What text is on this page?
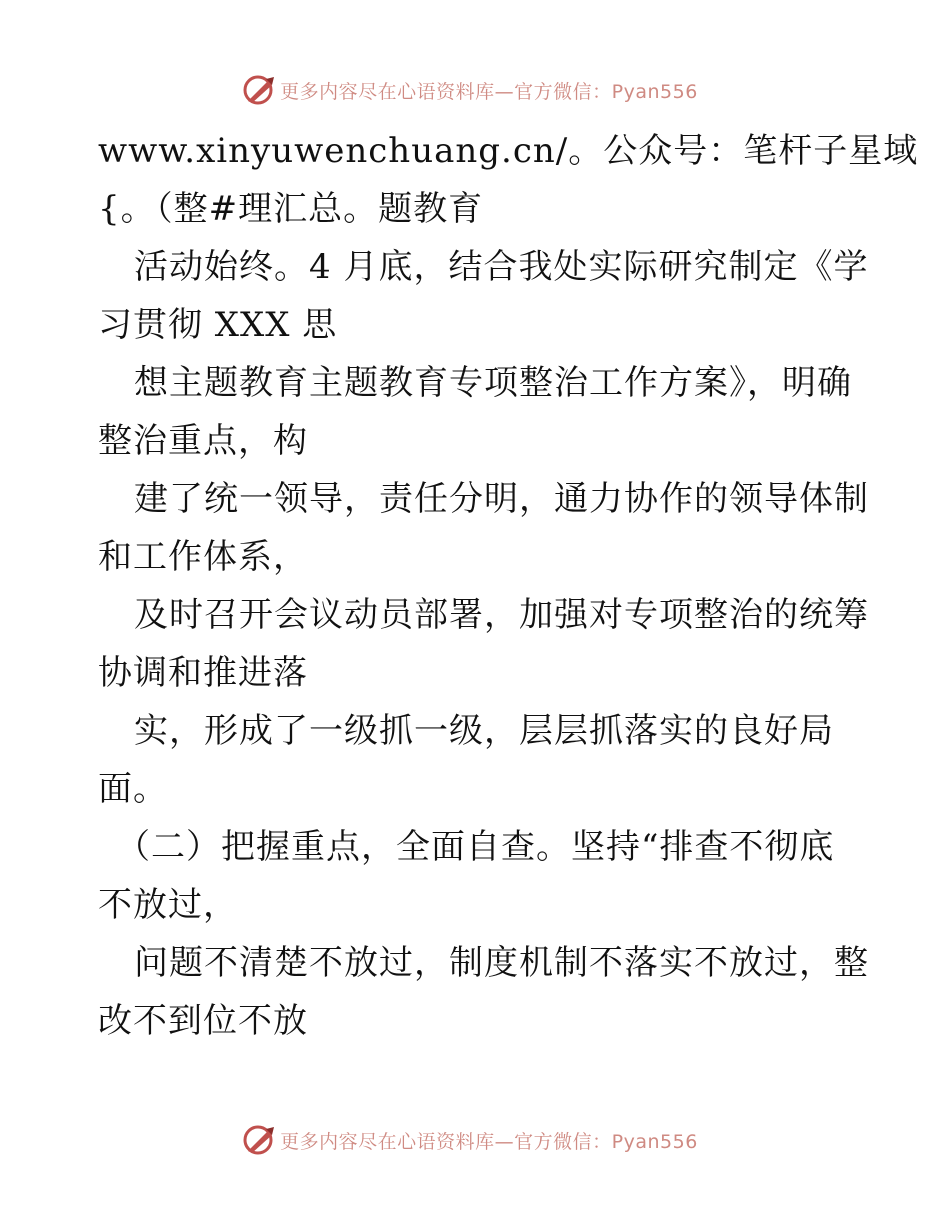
更多内容尽在心语资料库—官方微信：Pyan556
www.xinyuwenchuang.cn/。公众号：笔杆子星域
{。（整#理汇总。题教育
活动始终。4 月底，结合我处实际研究制定《学
习贯彻 XXX 思
想主题教育主题教育专项整治工作方案》，明确
整治重点，构
建了统一领导，责任分明，通力协作的领导体制
和工作体系，
及时召开会议动员部署，加强对专项整治的统筹
协调和推进落
实，形成了一级抓一级，层层抓落实的良好局
面。
（二）把握重点，全面自查。坚持“排查不彻底
不放过，
问题不清楚不放过，制度机制不落实不放过，整
改不到位不放
更多内容尽在心语资料库—官方微信：Pyan556
